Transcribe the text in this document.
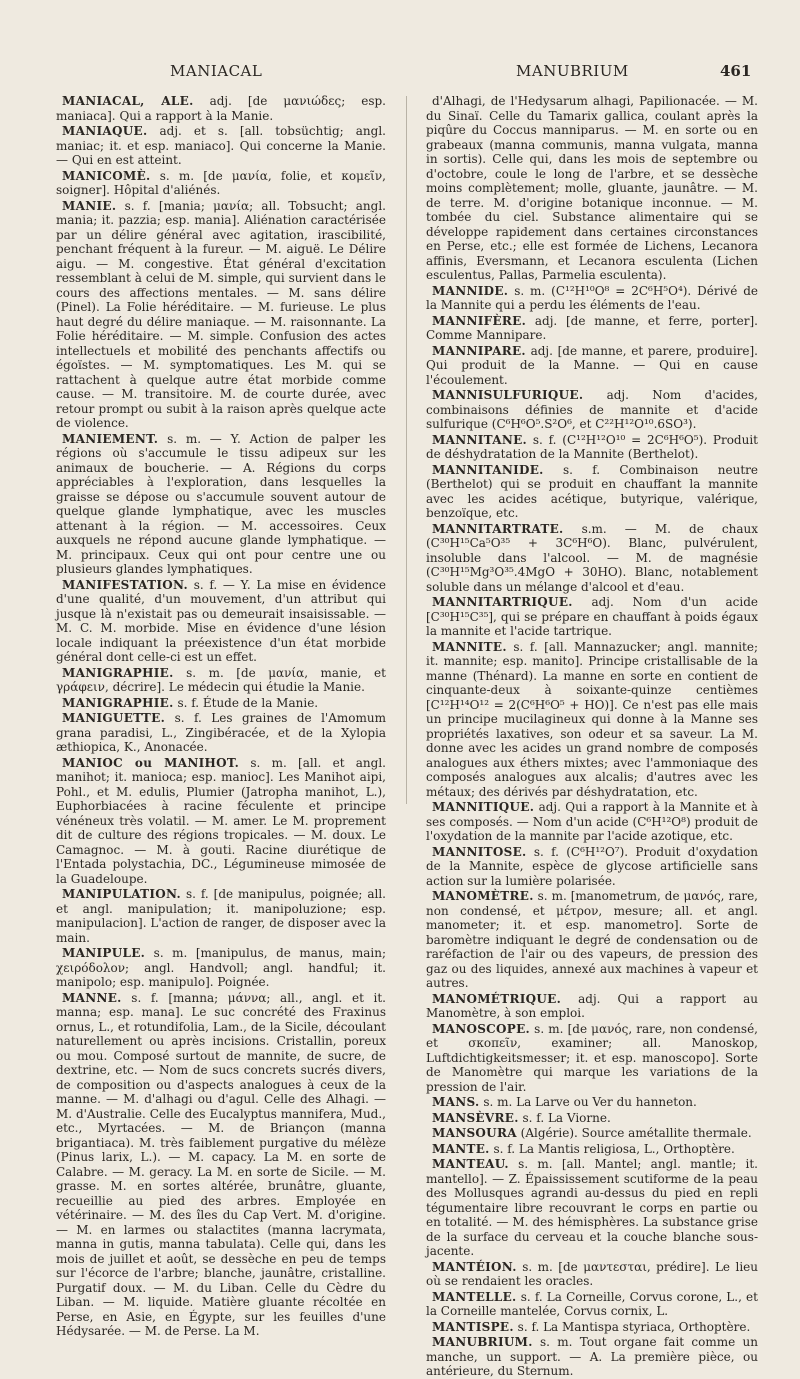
MANIACAL	MANUBRIUM	461

MANIACAL, ALE. adj. [de μανιώδες; esp. maniaca]. Qui a rapport à la Manie.

MANIAQUE. adj. et s. [all. tobsüchtig; angl. maniac; it. et esp. maniaco]. Qui concerne la Manie. — Qui en est atteint.

MANICOMÈ. s. m. [de μανία, folie, et κομεῖν, soigner]. Hôpital d'aliénés.

MANIE. s. f. [mania; μανία; all. Tobsucht; angl. mania; it. pazzia; esp. mania]. Aliénation caractérisée par un délire général avec agitation, irascibilité, penchant fréquent à la fureur. — M. aiguë. Le Délire aigu. — M. congestive. État général d'excitation ressemblant à celui de M. simple, qui survient dans le cours des affections mentales. — M. sans délire (Pinel). La Folie héréditaire. — M. furieuse. Le plus haut degré du délire maniaque. — M. raisonnante. La Folie héréditaire. — M. simple. Confusion des actes intellectuels et mobilité des penchants affectifs ou égoïstes. — M. symptomatiques. Les M. qui se rattachent à quelque autre état morbide comme cause. — M. transitoire. M. de courte durée, avec retour prompt ou subit à la raison après quelque acte de violence.

MANIEMENT. s. m. — Y. Action de palper les régions où s'accumule le tissu adipeux sur les animaux de boucherie. — A. Régions du corps appréciables à l'exploration, dans lesquelles la graisse se dépose ou s'accumule souvent autour de quelque glande lymphatique, avec les muscles attenant à la région. — M. accessoires. Ceux auxquels ne répond aucune glande lymphatique. — M. principaux. Ceux qui ont pour centre une ou plusieurs glandes lymphatiques.

MANIFESTATION. s. f. — Y. La mise en évidence d'une qualité, d'un mouvement, d'un attribut qui jusque là n'existait pas ou demeurait insaisissable. — M. C. M. morbide. Mise en évidence d'une lésion locale indiquant la préexistence d'un état morbide général dont celle-ci est un effet.

MANIGRAPHIE. s. m. [de μανία, manie, et γράφειν, décrire]. Le médecin qui étudie la Manie.

MANIGRAPHIE. s. f. Étude de la Manie.

MANIGUETTE. s. f. Les graines de l'Amomum grana paradisi, L., Zingibéracée, et de la Xylopia æthiopica, K., Anonacée.

MANIOC ou MANIHOT. s. m. [all. et angl. manihot; it. manioca; esp. manioc]. Les Manihot aipi, Pohl., et M. edulis, Plumier (Jatropha manihot, L.), Euphorbiacées à racine féculente et principe vénéneux très volatil. — M. amer. Le M. proprement dit de culture des régions tropicales. — M. doux. Le Camagnoc. — M. à gouti. Racine diurétique de l'Entada polystachia, DC., Légumineuse mimosée de la Guadeloupe.

MANIPULATION. s. f. [de manipulus, poignée; all. et angl. manipulation; it. manipoluzione; esp. manipulacion]. L'action de ranger, de disposer avec la main.

MANIPULE. s. m. [manipulus, de manus, main; χειρόδολον; angl. Handvoll; angl. handful; it. manipolo; esp. manipulo]. Poignée.

MANNE. s. f. [manna; μάννα; all., angl. et it. manna; esp. mana]. Le suc concrété des Fraxinus ornus, L., et rotundifolia, Lam., de la Sicile, découlant naturellement ou après incisions. Cristallin, poreux ou mou. Composé surtout de mannite, de sucre, de dextrine, etc. — Nom de sucs concrets sucrés divers, de composition ou d'aspects analogues à ceux de la manne. — M. d'alhagi ou d'agul. Celle des Alhagi. — M. d'Australie. Celle des Eucalyptus mannifera, Mud., etc., Myrtacées. — M. de Briançon (manna brigantiaca). M. très faiblement purgative du mélèze (Pinus larix, L.). — M. capacy. La M. en sorte de Calabre. — M. geracy. La M. en sorte de Sicile. — M. grasse. M. en sortes altérée, brunâtre, gluante, recueillie au pied des arbres. Employée en vétérinaire. — M. des îles du Cap Vert. M. d'origine. — M. en larmes ou stalactites (manna lacrymata, manna in gutis, manna tabulata). Celle qui, dans les mois de juillet et août, se dessèche en peu de temps sur l'écorce de l'arbre; blanche, jaunâtre, cristalline. Purgatif doux. — M. du Liban. Celle du Cèdre du Liban. — M. liquide. Matière gluante récoltée en Perse, en Asie, en Égypte, sur les feuilles d'une Hédysarée. — M. de Perse. La M.

d'Alhagi, de l'Hedysarum alhagi, Papilionacée. — M. du Sinaï. Celle du Tamarix gallica, coulant après la piqûre du Coccus manniparus. — M. en sorte ou en grabeaux (manna communis, manna vulgata, manna in sortis). Celle qui, dans les mois de septembre ou d'octobre, coule le long de l'arbre, et se dessèche moins complètement; molle, gluante, jaunâtre. — M. de terre. M. d'origine botanique inconnue. — M. tombée du ciel. Substance alimentaire qui se développe rapidement dans certaines circonstances en Perse, etc.; elle est formée de Lichens, Lecanora affinis, Eversmann, et Lecanora esculenta (Lichen esculentus, Pallas, Parmelia esculenta).

MANNIDE. s. m. (C¹²H¹⁰O⁸ = 2C⁶H⁵O⁴). Dérivé de la Mannite qui a perdu les éléments de l'eau.

MANNIFÈRE. adj. [de manne, et ferre, porter]. Comme Mannipare.

MANNIPARE. adj. [de manne, et parere, produire]. Qui produit de la Manne. — Qui en cause l'écoulement.

MANNISULFURIQUE. adj. Nom d'acides, combinaisons définies de mannite et d'acide sulfurique (C⁶H⁶O⁵.S²O⁶, et C²²H¹²O¹⁰.6SO³).

MANNITANE. s. f. (C¹²H¹²O¹⁰ = 2C⁶H⁶O⁵). Produit de déshydratation de la Mannite (Berthelot).

MANNITANIDE. s. f. Combinaison neutre (Berthelot) qui se produit en chauffant la mannite avec les acides acétique, butyrique, valérique, benzoïque, etc.

MANNITARTRATE. s.m. — M. de chaux (C³⁰H¹⁵Ca⁵O³⁵ + 3C⁶H⁶O). Blanc, pulvérulent, insoluble dans l'alcool. — M. de magnésie (C³⁰H¹⁵Mg³O³⁵.4MgO + 30HO). Blanc, notablement soluble dans un mélange d'alcool et d'eau.

MANNITARTRIQUE. adj. Nom d'un acide [C³⁰H¹⁵C³⁵], qui se prépare en chauffant à poids égaux la mannite et l'acide tartrique.

MANNITE. s. f. [all. Mannazucker; angl. mannite; it. mannite; esp. manito]. Principe cristallisable de la manne (Thénard). La manne en sorte en contient de cinquante-deux à soixante-quinze centièmes [C¹²H¹⁴O¹² = 2(C⁶H⁶O⁵ + HO)]. Ce n'est pas elle mais un principe mucilagineux qui donne à la Manne ses propriétés laxatives, son odeur et sa saveur. La M. donne avec les acides un grand nombre de composés analogues aux éthers mixtes; avec l'ammoniaque des composés analogues aux alcalis; d'autres avec les métaux; des dérivés par déshydratation, etc.

MANNITIQUE. adj. Qui a rapport à la Mannite et à ses composés. — Nom d'un acide (C⁶H¹²O⁸) produit de l'oxydation de la mannite par l'acide azotique, etc.

MANNITOSE. s. f. (C⁶H¹²O⁷). Produit d'oxydation de la Mannite, espèce de glycose artificielle sans action sur la lumière polarisée.

MANOMÈTRE. s. m. [manometrum, de μανός, rare, non condensé, et μέτρον, mesure; all. et angl. manometer; it. et esp. manometro]. Sorte de baromètre indiquant le degré de condensation ou de raréfaction de l'air ou des vapeurs, de pression des gaz ou des liquides, annexé aux machines à vapeur et autres.

MANOMÉTRIQUE. adj. Qui a rapport au Manomètre, à son emploi.

MANOSCOPE. s. m. [de μανός, rare, non condensé, et σκοπεῖν, examiner; all. Manoskop, Luftdichtigkeitsmesser; it. et esp. manoscopo]. Sorte de Manomètre qui marque les variations de la pression de l'air.

MANS. s. m. La Larve ou Ver du hanneton.

MANSÈVRE. s. f. La Viorne.

MANSOURA (Algérie). Source amétallite thermale.

MANTE. s. f. La Mantis religiosa, L., Orthoptère.

MANTEAU. s. m. [all. Mantel; angl. mantle; it. mantello]. — Z. Épaississement scutiforme de la peau des Mollusques agrandi au-dessus du pied en repli tégumentaire libre recouvrant le corps en partie ou en totalité. — M. des hémisphères. La substance grise de la surface du cerveau et la couche blanche sous-jacente.

MANTÉION. s. m. [de μαντεσται, prédire]. Le lieu où se rendaient les oracles.

MANTELLE. s. f. La Corneille, Corvus corone, L., et la Corneille mantelée, Corvus cornix, L.

MANTISPE. s. f. La Mantispa styriaca, Orthoptère.

MANUBRIUM. s. m. Tout organe fait comme un manche, un support. — A. La première pièce, ou antérieure, du Sternum.
